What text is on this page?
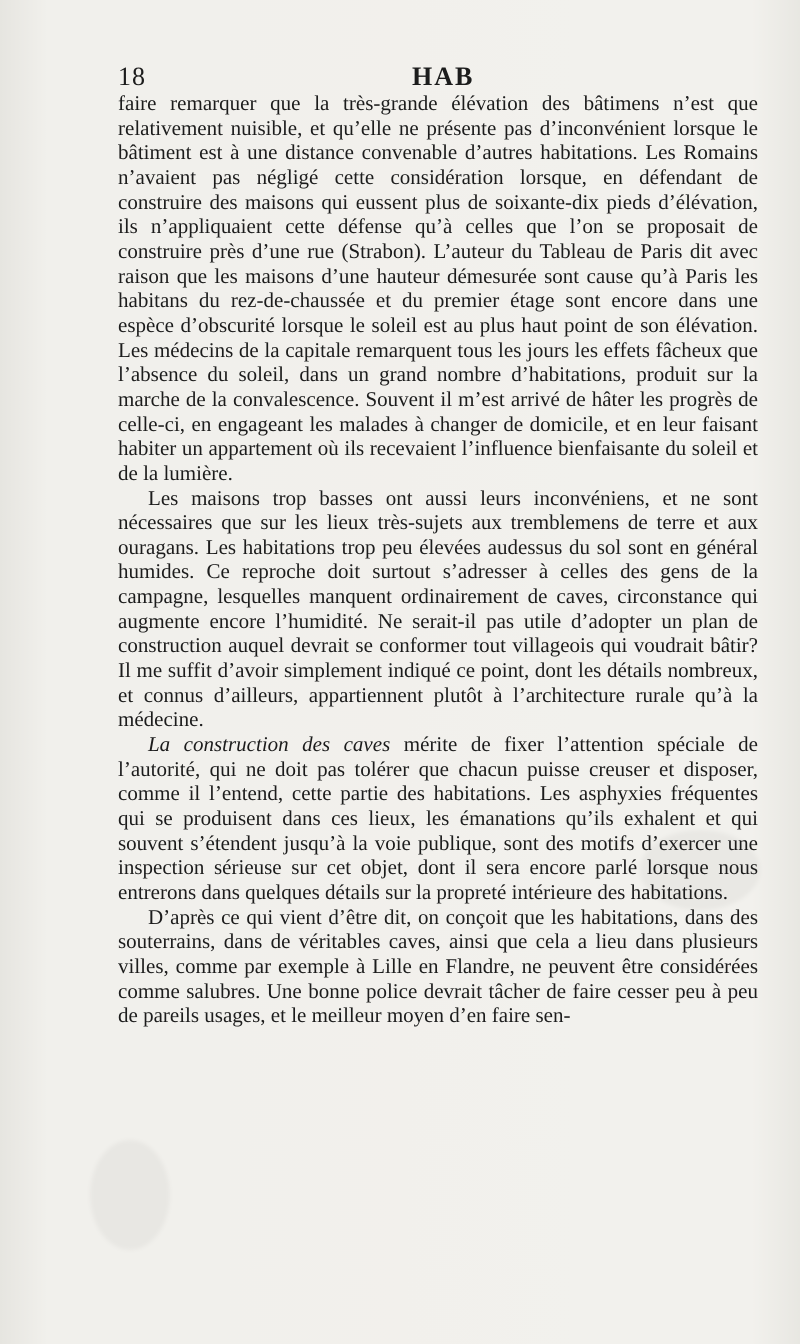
18	HAB

faire remarquer que la très-grande élévation des bâtimens n’est que relativement nuisible, et qu’elle ne présente pas d’inconvénient lorsque le bâtiment est à une distance convenable d’autres habitations. Les Romains n’avaient pas négligé cette considération lorsque, en défendant de construire des maisons qui eussent plus de soixante-dix pieds d’élévation, ils n’appliquaient cette défense qu’à celles que l’on se proposait de construire près d’une rue (Strabon). L’auteur du Tableau de Paris dit avec raison que les maisons d’une hauteur démesurée sont cause qu’à Paris les habitans du rez-de-chaussée et du premier étage sont encore dans une espèce d’obscurité lorsque le soleil est au plus haut point de son élévation. Les médecins de la capitale remarquent tous les jours les effets fâcheux que l’absence du soleil, dans un grand nombre d’habitations, produit sur la marche de la convalescence. Souvent il m’est arrivé de hâter les progrès de celle-ci, en engageant les malades à changer de domicile, et en leur faisant habiter un appartement où ils recevaient l’influence bienfaisante du soleil et de la lumière.

Les maisons trop basses ont aussi leurs inconvéniens, et ne sont nécessaires que sur les lieux très-sujets aux tremblemens de terre et aux ouragans. Les habitations trop peu élevées audessus du sol sont en général humides. Ce reproche doit surtout s’adresser à celles des gens de la campagne, lesquelles manquent ordinairement de caves, circonstance qui augmente encore l’humidité. Ne serait-il pas utile d’adopter un plan de construction auquel devrait se conformer tout villageois qui voudrait bâtir? Il me suffit d’avoir simplement indiqué ce point, dont les détails nombreux, et connus d’ailleurs, appartiennent plutôt à l’architecture rurale qu’à la médecine.

La construction des caves mérite de fixer l’attention spéciale de l’autorité, qui ne doit pas tolérer que chacun puisse creuser et disposer, comme il l’entend, cette partie des habitations. Les asphyxies fréquentes qui se produisent dans ces lieux, les émanations qu’ils exhalent et qui souvent s’étendent jusqu’à la voie publique, sont des motifs d’exercer une inspection sérieuse sur cet objet, dont il sera encore parlé lorsque nous entrerons dans quelques détails sur la propreté intérieure des habitations.

D’après ce qui vient d’être dit, on conçoit que les habitations, dans des souterrains, dans de véritables caves, ainsi que cela a lieu dans plusieurs villes, comme par exemple à Lille en Flandre, ne peuvent être considérées comme salubres. Une bonne police devrait tâcher de faire cesser peu à peu de pareils usages, et le meilleur moyen d’en faire sen-
